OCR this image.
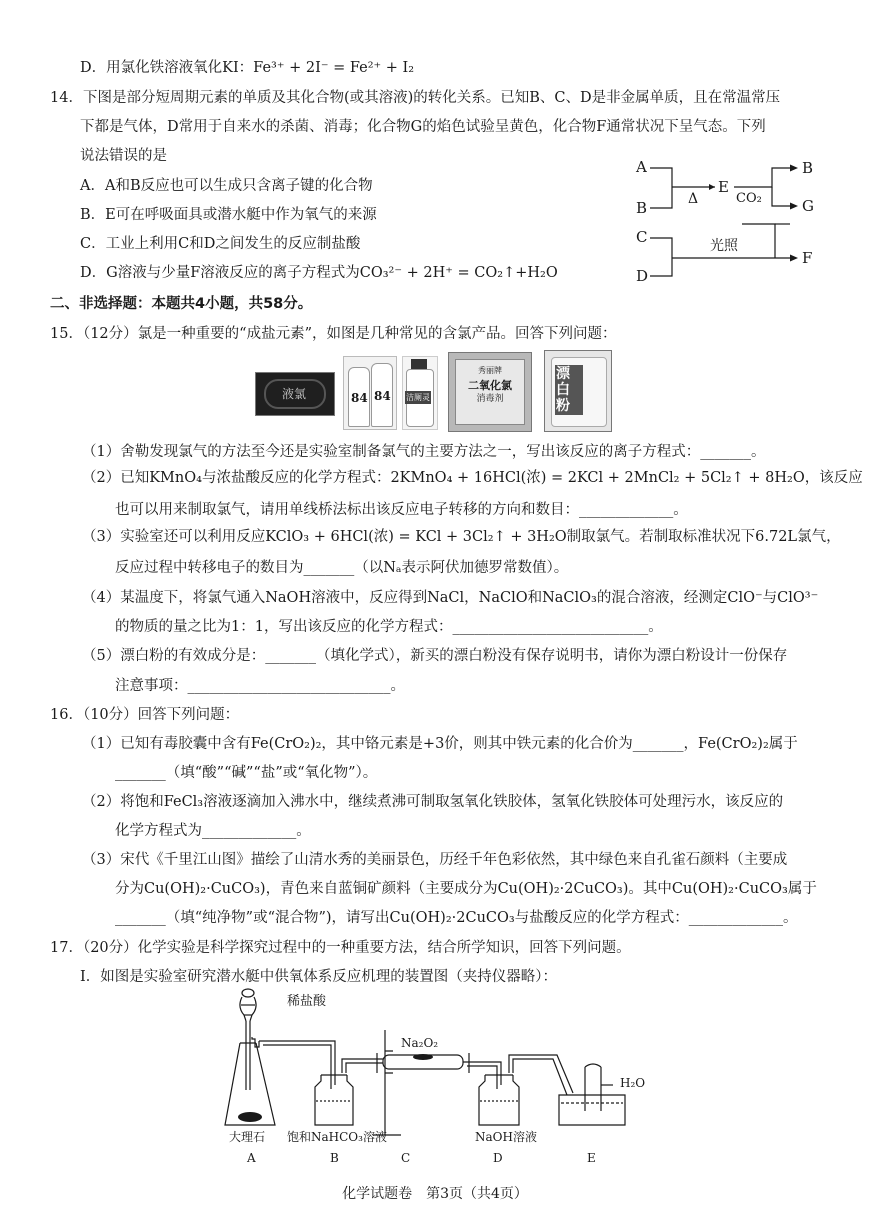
D．用氯化铁溶液氧化KI：Fe³⁺ + 2I⁻ = Fe²⁺ + I₂
14．下图是部分短周期元素的单质及其化合物(或其溶液)的转化关系。已知B、C、D是非金属单质，且在常温常压
下都是气体，D常用于自来水的杀菌、消毒；化合物G的焰色试验呈黄色，化合物F通常状况下呈气态。下列
说法错误的是
A．A和B反应也可以生成只含离子键的化合物
B．E可在呼吸面具或潜水艇中作为氧气的来源
C．工业上利用C和D之间发生的反应制盐酸
D．G溶液与少量F溶液反应的离子方程式为CO₃²⁻ + 2H⁺ = CO₂↑+H₂O
A
B
C
D
E
Δ	CO₂
光照
B
G
F
二、非选择题：本题共4小题，共58分。
15．（12分）氯是一种重要的“成盐元素”，如图是几种常见的含氯产品。回答下列问题：
液氯	84 84 洁厕灵
秀丽牌
二氧化氯
消毒剂
漂白粉
（1）舍勒发现氯气的方法至今还是实验室制备氯气的主要方法之一，写出该反应的离子方程式：_______。
（2）已知KMnO₄与浓盐酸反应的化学方程式：2KMnO₄ + 16HCl(浓) = 2KCl + 2MnCl₂ + 5Cl₂↑ + 8H₂O，该反应
也可以用来制取氯气，请用单线桥法标出该反应电子转移的方向和数目：_____________。
（3）实验室还可以利用反应KClO₃ + 6HCl(浓) = KCl + 3Cl₂↑ + 3H₂O制取氯气。若制取标准状况下6.72L氯气，
反应过程中转移电子的数目为_______（以Nₐ表示阿伏加德罗常数值）。
（4）某温度下，将氯气通入NaOH溶液中，反应得到NaCl，NaClO和NaClO₃的混合溶液，经测定ClO⁻与ClO³⁻
的物质的量之比为1：1，写出该反应的化学方程式：___________________________。
（5）漂白粉的有效成分是：_______（填化学式），新买的漂白粉没有保存说明书，请你为漂白粉设计一份保存
注意事项：____________________________。
16．（10分）回答下列问题：
（1）已知有毒胶囊中含有Fe(CrO₂)₂，其中铬元素是+3价，则其中铁元素的化合价为_______，Fe(CrO₂)₂属于
_______（填“酸”“碱”“盐”或“氧化物”）。
（2）将饱和FeCl₃溶液逐滴加入沸水中，继续煮沸可制取氢氧化铁胶体，氢氧化铁胶体可处理污水，该反应的
化学方程式为_____________。
（3）宋代《千里江山图》描绘了山清水秀的美丽景色，历经千年色彩依然，其中绿色来自孔雀石颜料（主要成
分为Cu(OH)₂·CuCO₃)，青色来自蓝铜矿颜料（主要成分为Cu(OH)₂·2CuCO₃)。其中Cu(OH)₂·CuCO₃属于
_______（填“纯净物”或“混合物”)，请写出Cu(OH)₂·2CuCO₃与盐酸反应的化学方程式：_____________。
17．（20分）化学实验是科学探究过程中的一种重要方法，结合所学知识，回答下列问题。
Ⅰ．如图是实验室研究潜水艇中供氧体系反应机理的装置图（夹持仪器略）：
稀盐酸
Na₂O₂
H₂O
大理石 饱和NaHCO₃溶液	NaOH溶液
A	B	C	D	E
化学试题卷　第3页（共4页）
